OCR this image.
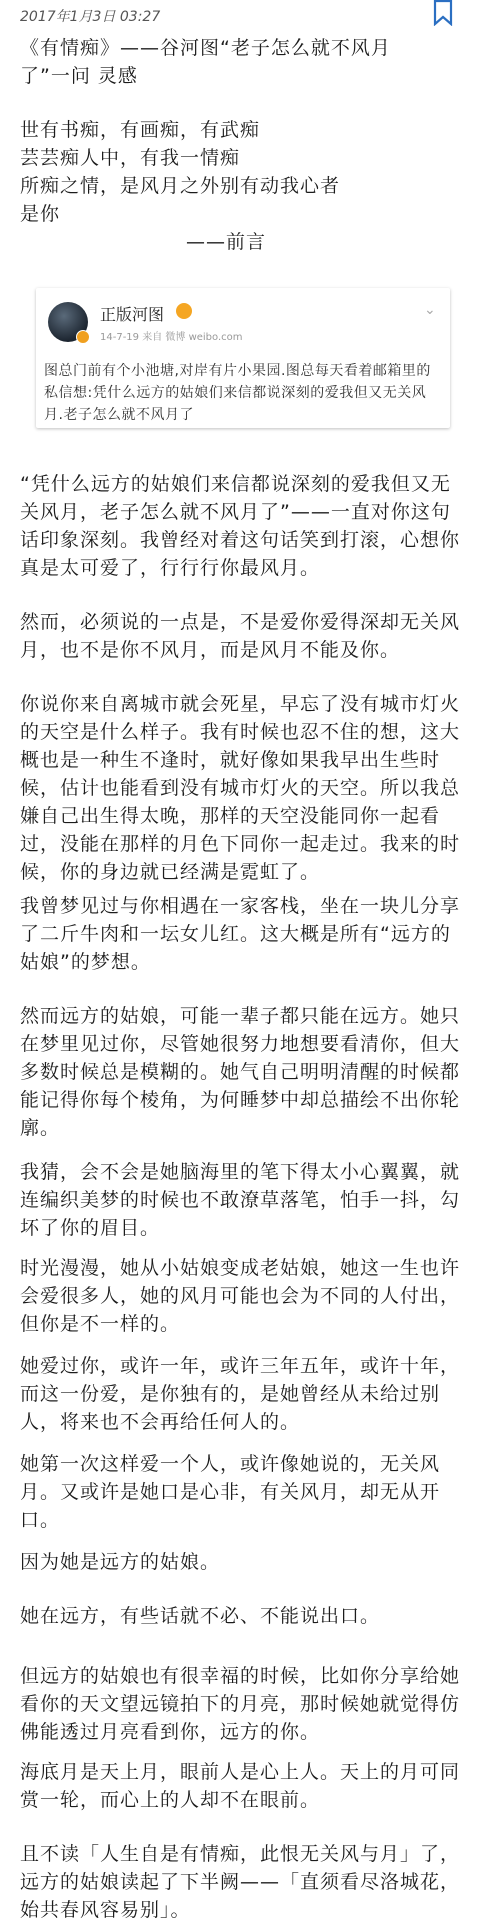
2017年1月3日 03:27
《有情痴》——谷河图“老子怎么就不风月
了”一问 灵感
世有书痴，有画痴，有武痴
芸芸痴人中，有我一情痴
所痴之情，是风月之外别有动我心者
是你
——前言
正版河图
14-7-19 来自 微博 weibo.com
⌄
图总门前有个小池塘,对岸有片小果园.图总每天看着邮箱里的私信想:凭什么远方的姑娘们来信都说深刻的爱我但又无关风月.老子怎么就不风月了
“凭什么远方的姑娘们来信都说深刻的爱我但又无关风月，老子怎么就不风月了”——一直对你这句话印象深刻。我曾经对着这句话笑到打滚，心想你真是太可爱了，行行行你最风月。
然而，必须说的一点是，不是爱你爱得深却无关风月，也不是你不风月，而是风月不能及你。
你说你来自离城市就会死星，早忘了没有城市灯火的天空是什么样子。我有时候也忍不住的想，这大概也是一种生不逢时，就好像如果我早出生些时候，估计也能看到没有城市灯火的天空。所以我总嫌自己出生得太晚，那样的天空没能同你一起看过，没能在那样的月色下同你一起走过。我来的时候，你的身边就已经满是霓虹了。
我曾梦见过与你相遇在一家客栈，坐在一块儿分享了二斤牛肉和一坛女儿红。这大概是所有“远方的姑娘”的梦想。
然而远方的姑娘，可能一辈子都只能在远方。她只在梦里见过你，尽管她很努力地想要看清你，但大多数时候总是模糊的。她气自己明明清醒的时候都能记得你每个棱角，为何睡梦中却总描绘不出你轮廓。
我猜，会不会是她脑海里的笔下得太小心翼翼，就连编织美梦的时候也不敢潦草落笔，怕手一抖，勾坏了你的眉目。
时光漫漫，她从小姑娘变成老姑娘，她这一生也许会爱很多人，她的风月可能也会为不同的人付出，但你是不一样的。
她爱过你，或许一年，或许三年五年，或许十年，而这一份爱，是你独有的，是她曾经从未给过别人，将来也不会再给任何人的。
她第一次这样爱一个人，或许像她说的，无关风月。又或许是她口是心非，有关风月，却无从开口。
因为她是远方的姑娘。
她在远方，有些话就不必、不能说出口。
但远方的姑娘也有很幸福的时候，比如你分享给她看你的天文望远镜拍下的月亮，那时候她就觉得仿佛能透过月亮看到你，远方的你。
海底月是天上月，眼前人是心上人。天上的月可同赏一轮，而心上的人却不在眼前。
且不读「人生自是有情痴，此恨无关风与月」了，远方的姑娘读起了下半阙——「直须看尽洛城花，始共春风容易别」。
